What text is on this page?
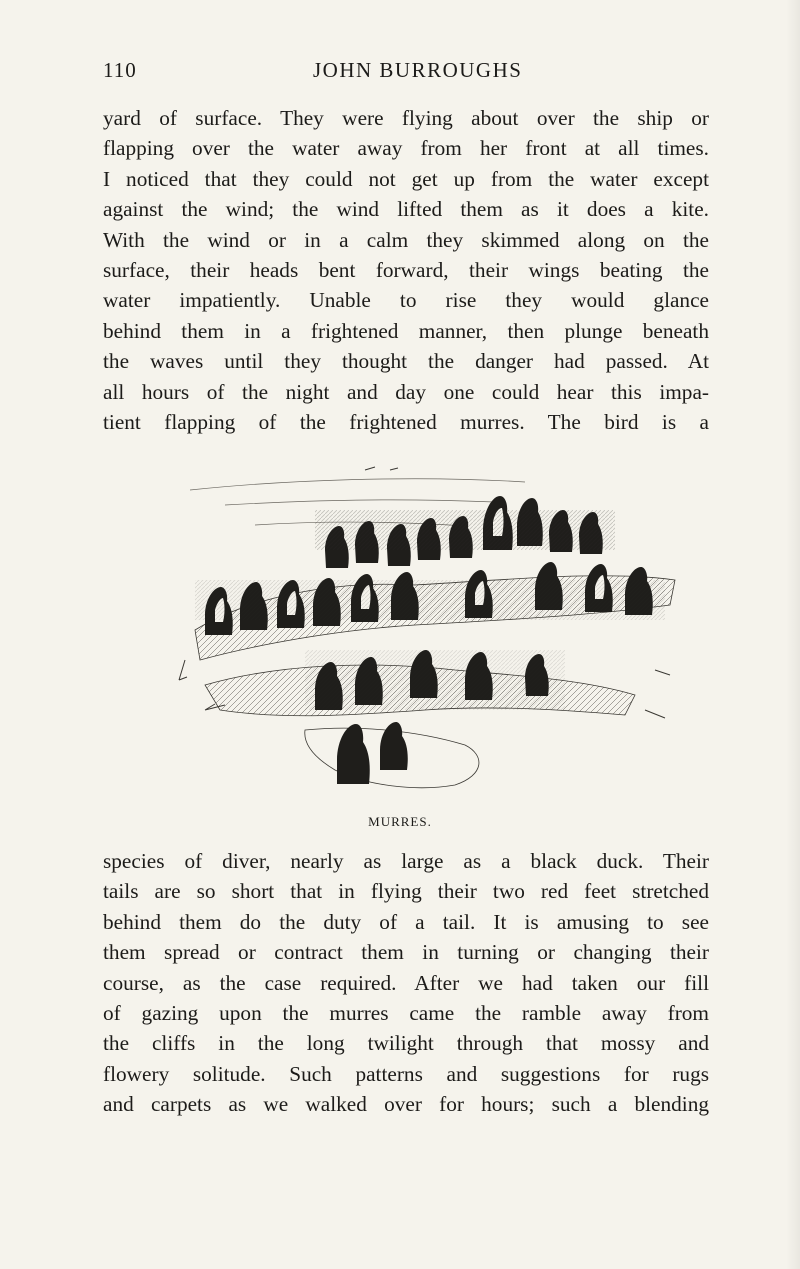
110	JOHN BURROUGHS
yard of surface. They were flying about over the ship or
flapping over the water away from her front at all times.
I noticed that they could not get up from the water except
against the wind; the wind lifted them as it does a kite.
With the wind or in a calm they skimmed along on the
surface, their heads bent forward, their wings beating the
water impatiently. Unable to rise they would glance
behind them in a frightened manner, then plunge beneath
the waves until they thought the danger had passed. At
all hours of the night and day one could hear this impa-
tient flapping of the frightened murres. The bird is a
MURRES.
species of diver, nearly as large as a black duck. Their
tails are so short that in flying their two red feet stretched
behind them do the duty of a tail. It is amusing to see
them spread or contract them in turning or changing their
course, as the case required. After we had taken our fill
of gazing upon the murres came the ramble away from
the cliffs in the long twilight through that mossy and
flowery solitude. Such patterns and suggestions for rugs
and carpets as we walked over for hours; such a blending
